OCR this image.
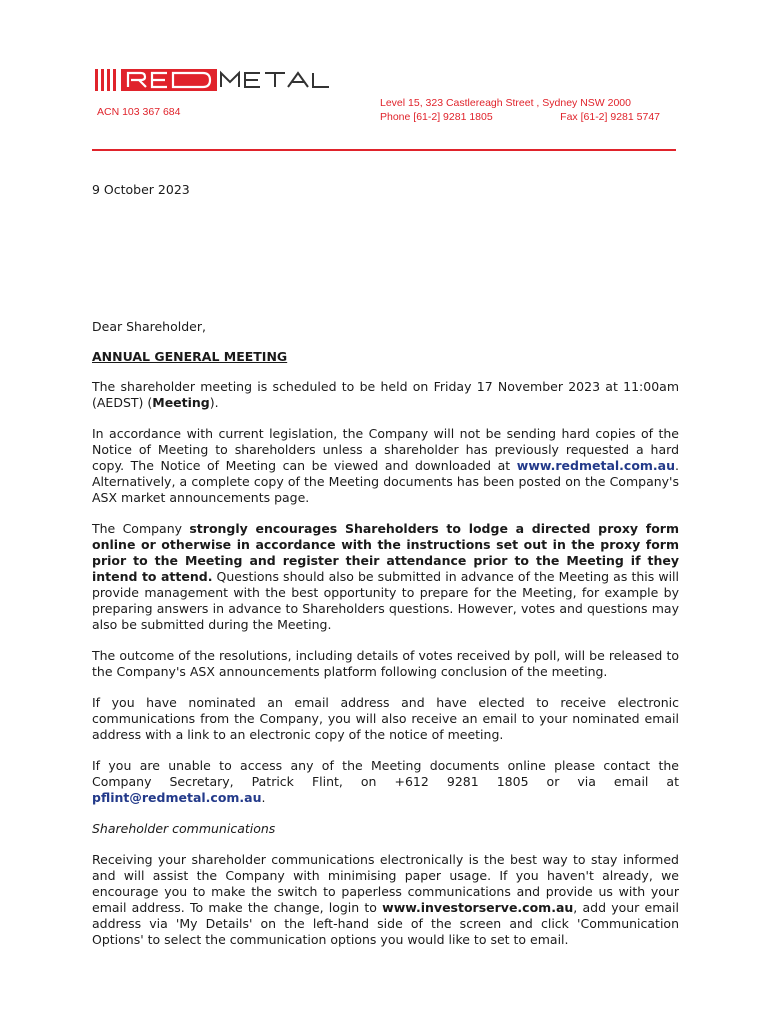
ACN 103 367 684
Level 15, 323 Castlereagh Street , Sydney NSW 2000
Phone [61-2] 9281 1805	Fax [61-2] 9281 5747
9 October 2023

Dear Shareholder,

ANNUAL GENERAL MEETING

The shareholder meeting is scheduled to be held on Friday 17 November 2023 at 11:00am (AEDST) (Meeting).

In accordance with current legislation, the Company will not be sending hard copies of the Notice of Meeting to shareholders unless a shareholder has previously requested a hard copy. The Notice of Meeting can be viewed and downloaded at www.redmetal.com.au. Alternatively, a complete copy of the Meeting documents has been posted on the Company's ASX market announcements page.

The Company strongly encourages Shareholders to lodge a directed proxy form online or otherwise in accordance with the instructions set out in the proxy form prior to the Meeting and register their attendance prior to the Meeting if they intend to attend. Questions should also be submitted in advance of the Meeting as this will provide management with the best opportunity to prepare for the Meeting, for example by preparing answers in advance to Shareholders questions. However, votes and questions may also be submitted during the Meeting.

The outcome of the resolutions, including details of votes received by poll, will be released to the Company's ASX announcements platform following conclusion of the meeting.

If you have nominated an email address and have elected to receive electronic communications from the Company, you will also receive an email to your nominated email address with a link to an electronic copy of the notice of meeting.

If you are unable to access any of the Meeting documents online please contact the Company Secretary, Patrick Flint, on +612 9281 1805 or via email at pflint@redmetal.com.au.

Shareholder communications

Receiving your shareholder communications electronically is the best way to stay informed and will assist the Company with minimising paper usage. If you haven't already, we encourage you to make the switch to paperless communications and provide us with your email address. To make the change, login to www.investorserve.com.au, add your email address via 'My Details' on the left-hand side of the screen and click 'Communication Options' to select the communication options you would like to set to email.
